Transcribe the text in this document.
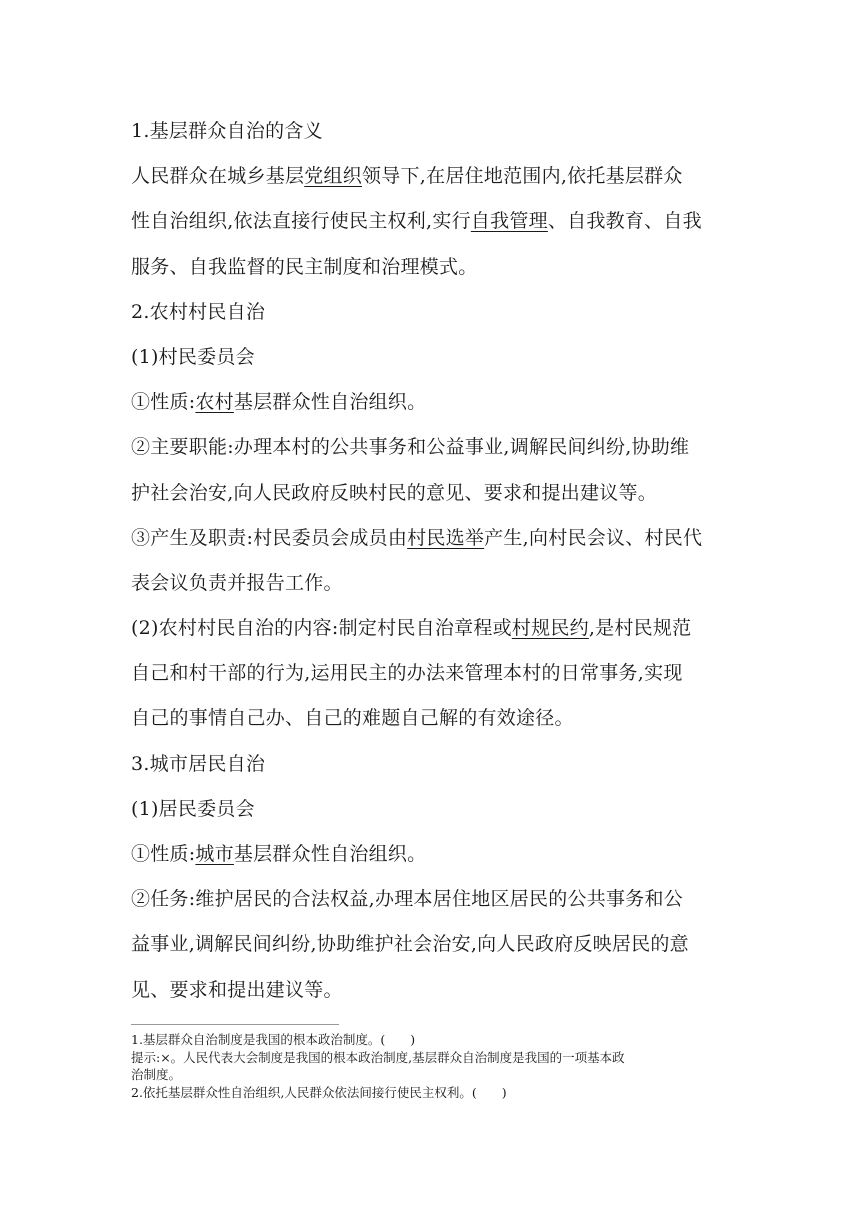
1.基层群众自治的含义
人民群众在城乡基层党组织领导下,在居住地范围内,依托基层群众
性自治组织,依法直接行使民主权利,实行自我管理、自我教育、自我
服务、自我监督的民主制度和治理模式。
2.农村村民自治
(1)村民委员会
①性质:农村基层群众性自治组织。
②主要职能:办理本村的公共事务和公益事业,调解民间纠纷,协助维
护社会治安,向人民政府反映村民的意见、要求和提出建议等。
③产生及职责:村民委员会成员由村民选举产生,向村民会议、村民代
表会议负责并报告工作。
(2)农村村民自治的内容:制定村民自治章程或村规民约,是村民规范
自己和村干部的行为,运用民主的办法来管理本村的日常事务,实现
自己的事情自己办、自己的难题自己解的有效途径。
3.城市居民自治
(1)居民委员会
①性质:城市基层群众性自治组织。
②任务:维护居民的合法权益,办理本居住地区居民的公共事务和公
益事业,调解民间纠纷,协助维护社会治安,向人民政府反映居民的意
见、要求和提出建议等。
1.基层群众自治制度是我国的根本政治制度。(　　)
提示:×。人民代表大会制度是我国的根本政治制度,基层群众自治制度是我国的一项基本政
治制度。
2.依托基层群众性自治组织,人民群众依法间接行使民主权利。(　　)
